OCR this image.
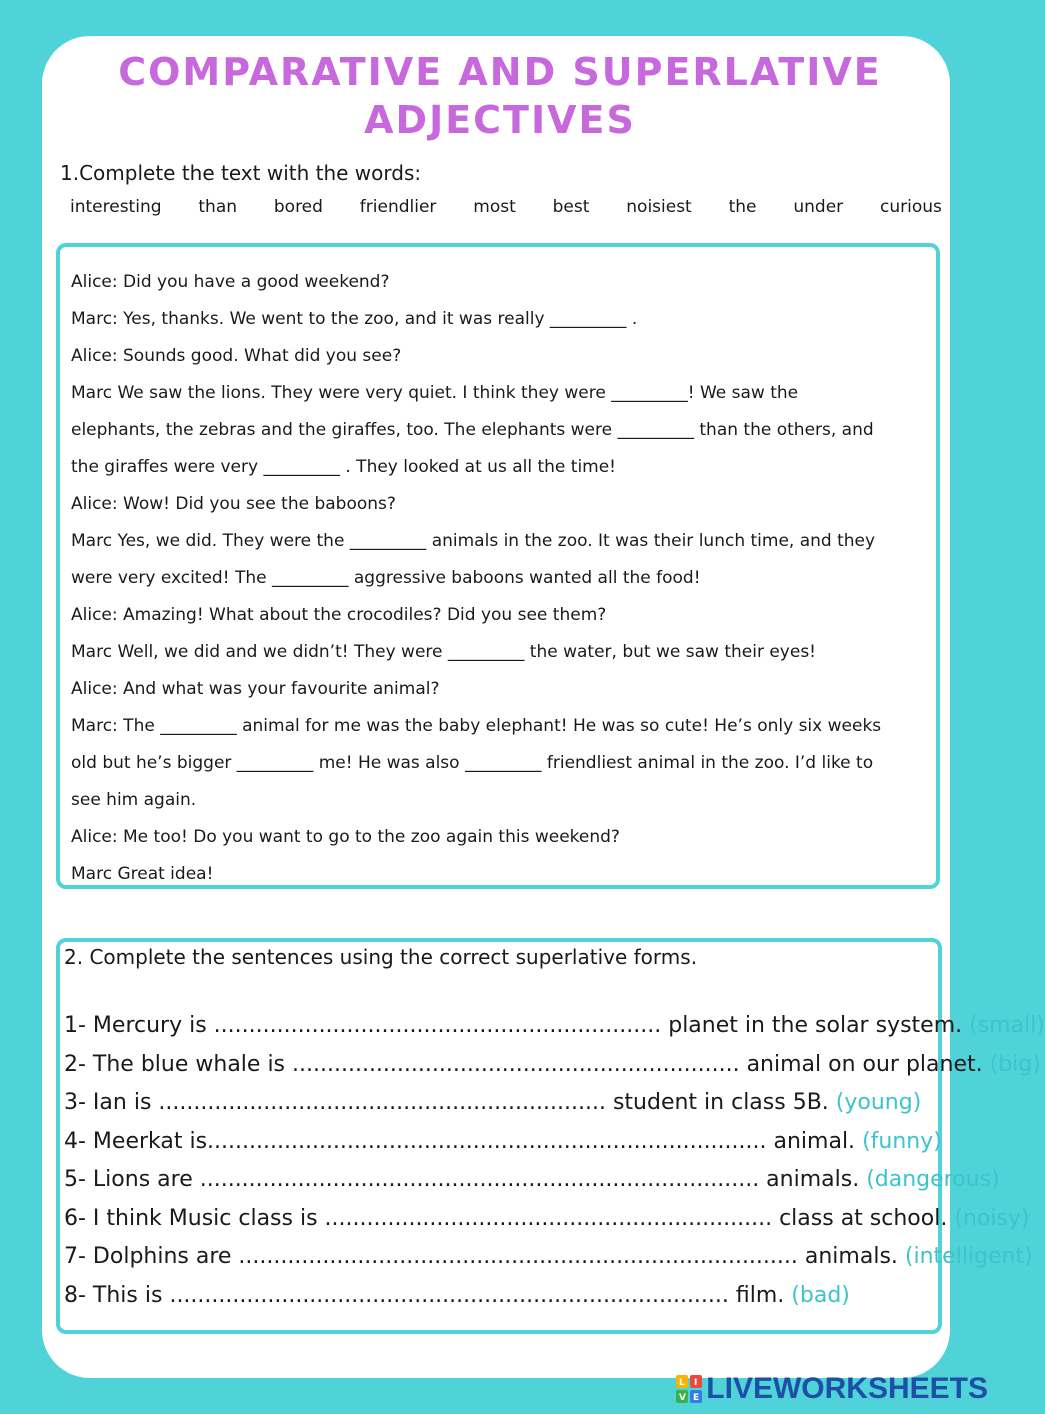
COMPARATIVE AND SUPERLATIVE
ADJECTIVES
1.Complete the text with the words:
interesting than bored friendlier most best noisiest the under curious

Alice: Did you have a good weekend?

Marc: Yes, thanks. We went to the zoo, and it was really _________ .

Alice: Sounds good. What did you see?

Marc We saw the lions. They were very quiet. I think they were _________! We saw the

elephants, the zebras and the giraffes, too. The elephants were _________ than the others, and

the giraffes were very _________ . They looked at us all the time!

Alice: Wow! Did you see the baboons?

Marc Yes, we did. They were the _________ animals in the zoo. It was their lunch time, and they

were very excited! The _________ aggressive baboons wanted all the food!

Alice: Amazing! What about the crocodiles? Did you see them?

Marc Well, we did and we didn’t! They were _________ the water, but we saw their eyes!

Alice: And what was your favourite animal?

Marc: The _________ animal for me was the baby elephant! He was so cute! He’s only six weeks

old but he’s bigger _________ me! He was also _________ friendliest animal in the zoo. I’d like to

see him again.

Alice: Me too! Do you want to go to the zoo again this weekend?

Marc Great idea!

2. Complete the sentences using the correct superlative forms.
1- Mercury is ................................................................ planet in the solar system. (small)
2- The blue whale is ................................................................ animal on our planet. (big)
3- Ian is ................................................................ student in class 5B. (young)
4- Meerkat is................................................................................ animal. (funny)
5- Lions are ................................................................................ animals. (dangerous)
6- I think Music class is ................................................................ class at school. (noisy)
7- Dolphins are ................................................................................ animals. (intelligent)
8- This is ................................................................................ film. (bad)
L I
V E LIVEWORKSHEETS
